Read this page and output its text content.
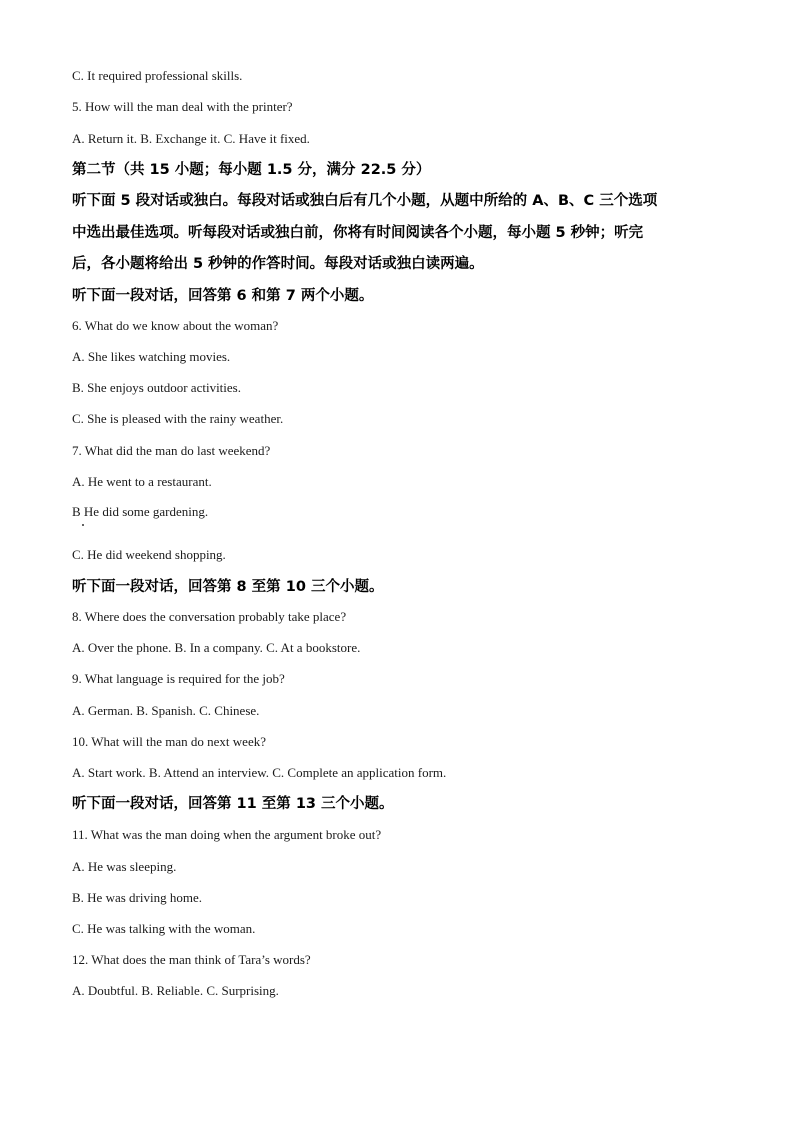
C. It required professional skills.
5. How will the man deal with the printer?
A. Return it. B. Exchange it. C. Have it fixed.
第二节（共 15 小题；每小题 1.5 分，满分 22.5 分）
听下面 5 段对话或独白。每段对话或独白后有几个小题，从题中所给的 A、B、C 三个选项
中选出最佳选项。听每段对话或独白前，你将有时间阅读各个小题，每小题 5 秒钟；听完
后，各小题将给出 5 秒钟的作答时间。每段对话或独白读两遍。
听下面一段对话，回答第 6 和第 7 两个小题。
6. What do we know about the woman?
A. She likes watching movies.
B. She enjoys outdoor activities.
C. She is pleased with the rainy weather.
7. What did the man do last weekend?
A. He went to a restaurant.
B He did some gardening.
C. He did weekend shopping.
听下面一段对话，回答第 8 至第 10 三个小题。
8. Where does the conversation probably take place?
A. Over the phone. B. In a company. C. At a bookstore.
9. What language is required for the job?
A. German. B. Spanish. C. Chinese.
10. What will the man do next week?
A. Start work. B. Attend an interview. C. Complete an application form.
听下面一段对话，回答第 11 至第 13 三个小题。
11. What was the man doing when the argument broke out?
A. He was sleeping.
B. He was driving home.
C. He was talking with the woman.
12. What does the man think of Tara’s words?
A. Doubtful. B. Reliable. C. Surprising.
